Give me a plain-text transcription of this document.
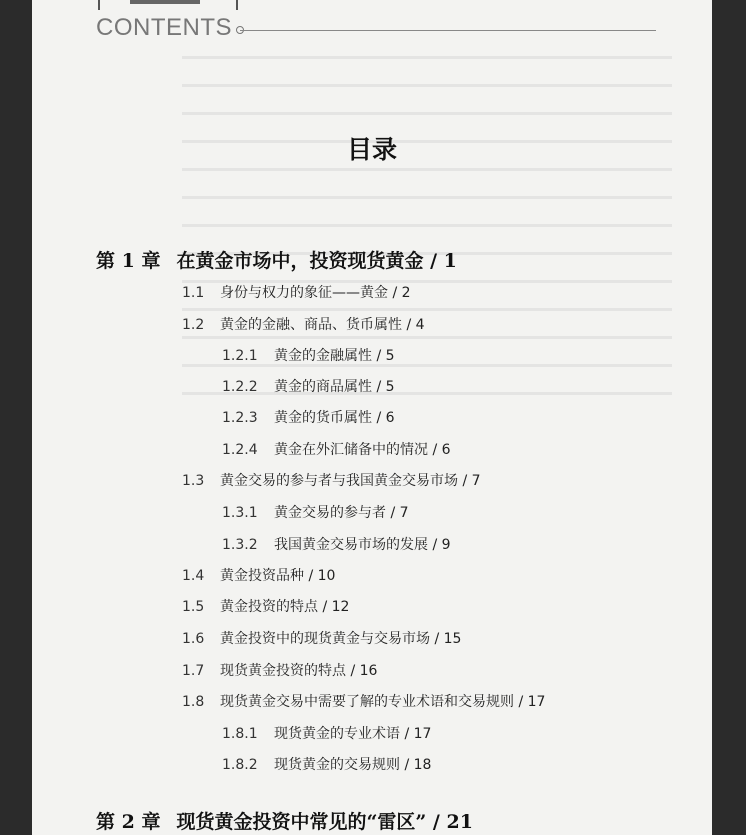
CONTENTS
目录
第 1 章 在黄金市场中，投资现货黄金 / 1
1.1 身份与权力的象征——黄金 / 2
1.2 黄金的金融、商品、货币属性 / 4
1.2.1 黄金的金融属性 / 5
1.2.2 黄金的商品属性 / 5
1.2.3 黄金的货币属性 / 6
1.2.4 黄金在外汇储备中的情况 / 6
1.3 黄金交易的参与者与我国黄金交易市场 / 7
1.3.1 黄金交易的参与者 / 7
1.3.2 我国黄金交易市场的发展 / 9
1.4 黄金投资品种 / 10
1.5 黄金投资的特点 / 12
1.6 黄金投资中的现货黄金与交易市场 / 15
1.7 现货黄金投资的特点 / 16
1.8 现货黄金交易中需要了解的专业术语和交易规则 / 17
1.8.1 现货黄金的专业术语 / 17
1.8.2 现货黄金的交易规则 / 18
第 2 章 现货黄金投资中常见的“雷区” / 21
